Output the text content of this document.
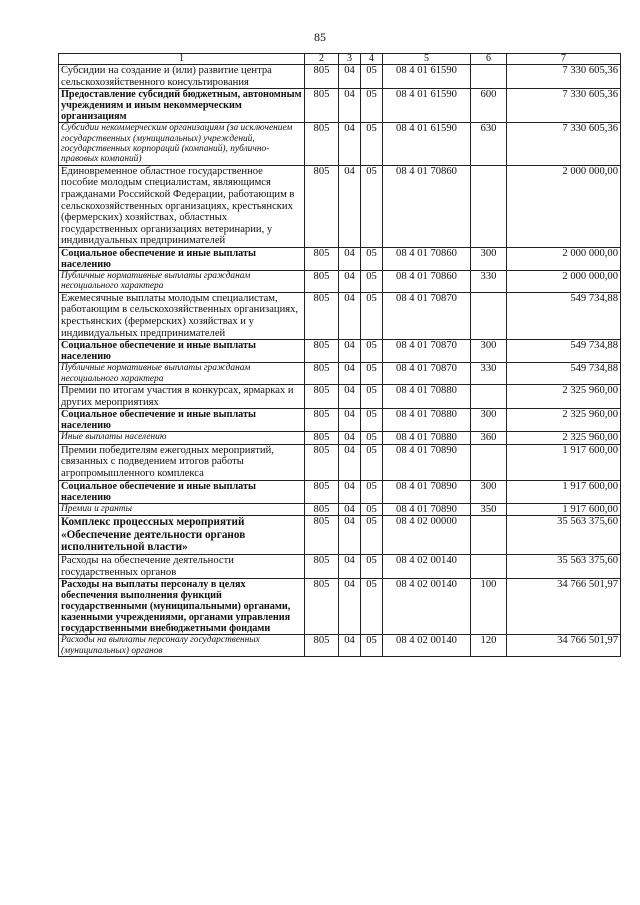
85
1	2	3	4	5	6	7
Субсидии на создание и (или) развитие центра сельскохозяйственного консультирования	805	04	05	08 4 01 61590		7 330 605,36
Предоставление субсидий бюджетным, автономным учреждениям и иным некоммерческим организациям	805	04	05	08 4 01 61590	600	7 330 605,36
Субсидии некоммерческим организациям (за исключением государственных (муниципальных) учреждений, государственных корпораций (компаний), публично-правовых компаний)	805	04	05	08 4 01 61590	630	7 330 605,36
Единовременное областное государственное пособие молодым специалистам, являющимся гражданами Российской Федерации, работающим в сельскохозяйственных организациях, крестьянских (фермерских) хозяйствах, областных государственных организациях ветеринарии, у индивидуальных предпринимателей	805	04	05	08 4 01 70860		2 000 000,00
Социальное обеспечение и иные выплаты населению	805	04	05	08 4 01 70860	300	2 000 000,00
Публичные нормативные выплаты гражданам несоциального характера	805	04	05	08 4 01 70860	330	2 000 000,00
Ежемесячные выплаты молодым специалистам, работающим в сельскохозяйственных организациях, крестьянских (фермерских) хозяйствах и у индивидуальных предпринимателей	805	04	05	08 4 01 70870		549 734,88
Социальное обеспечение и иные выплаты населению	805	04	05	08 4 01 70870	300	549 734,88
Публичные нормативные выплаты гражданам несоциального характера	805	04	05	08 4 01 70870	330	549 734,88
Премии по итогам участия в конкурсах, ярмарках и других мероприятиях	805	04	05	08 4 01 70880		2 325 960,00
Социальное обеспечение и иные выплаты населению	805	04	05	08 4 01 70880	300	2 325 960,00
Иные выплаты населению	805	04	05	08 4 01 70880	360	2 325 960,00
Премии победителям ежегодных мероприятий, связанных с подведением итогов работы агропромышленного комплекса	805	04	05	08 4 01 70890		1 917 600,00
Социальное обеспечение и иные выплаты населению	805	04	05	08 4 01 70890	300	1 917 600,00
Премии и гранты	805	04	05	08 4 01 70890	350	1 917 600,00
Комплекс процессных мероприятий «Обеспечение деятельности органов исполнительной власти»	805	04	05	08 4 02 00000		35 563 375,60
Расходы на обеспечение деятельности государственных органов	805	04	05	08 4 02 00140		35 563 375,60
Расходы на выплаты персоналу в целях обеспечения выполнения функций государственными (муниципальными) органами, казенными учреждениями, органами управления государственными внебюджетными фондами	805	04	05	08 4 02 00140	100	34 766 501,97
Расходы на выплаты персоналу государственных (муниципальных) органов	805	04	05	08 4 02 00140	120	34 766 501,97
